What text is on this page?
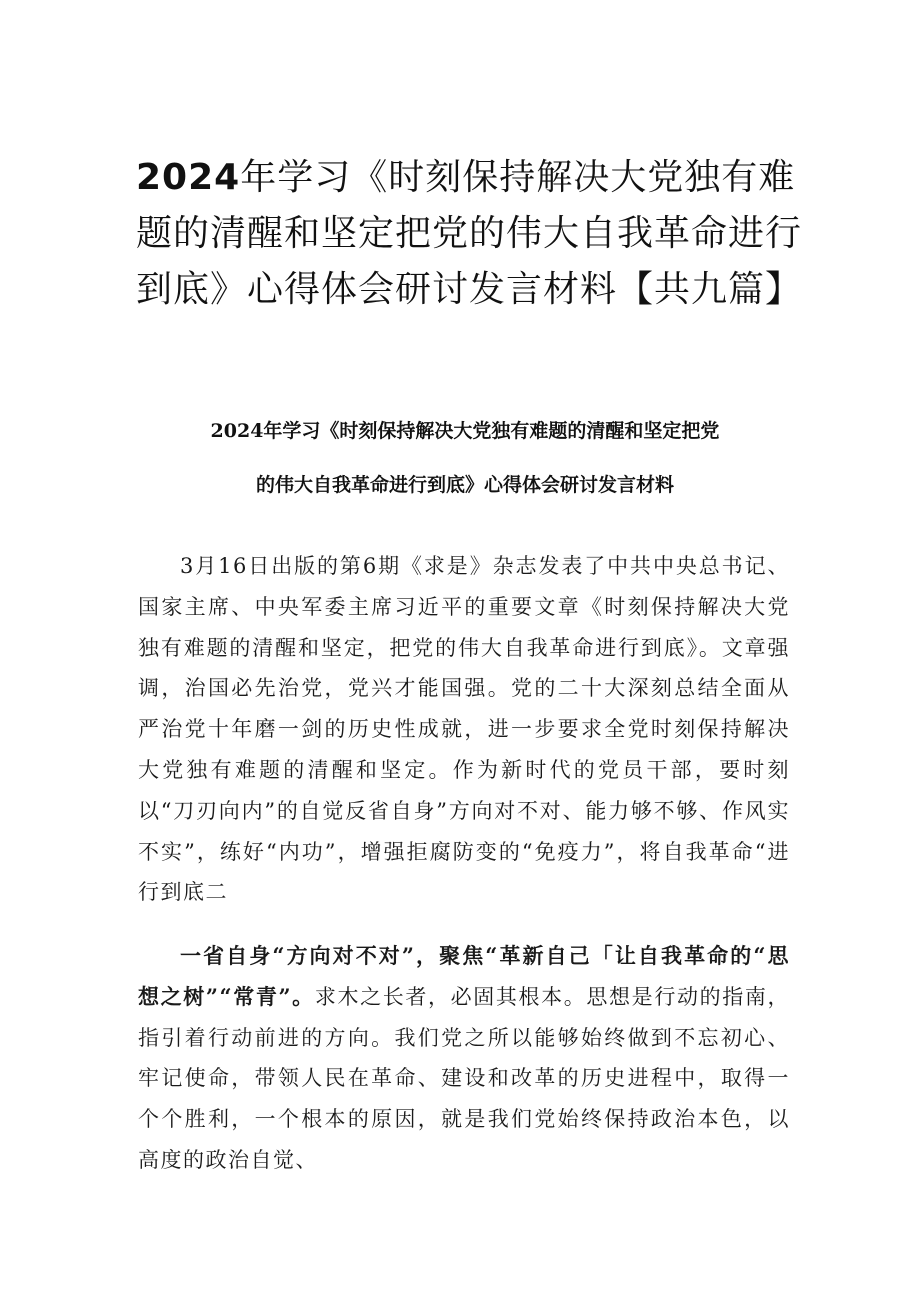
2024年学习《时刻保持解决大党独有难题的清醒和坚定把党的伟大自我革命进行到底》心得体会研讨发言材料【共九篇】
2024年学习《时刻保持解决大党独有难题的清醒和坚定把党
的伟大自我革命进行到底》心得体会研讨发言材料

3月16日出版的第6期《求是》杂志发表了中共中央总书记、国家主席、中央军委主席习近平的重要文章《时刻保持解决大党独有难题的清醒和坚定，把党的伟大自我革命进行到底》。文章强调，治国必先治党，党兴才能国强。党的二十大深刻总结全面从严治党十年磨一剑的历史性成就，进一步要求全党时刻保持解决大党独有难题的清醒和坚定。作为新时代的党员干部，要时刻以“刀刃向内”的自觉反省自身”方向对不对、能力够不够、作风实不实”，练好“内功”，增强拒腐防变的“免疫力”，将自我革命“进行到底二

一省自身“方向对不对”，聚焦“革新自己「让自我革命的“思想之树”“常青”。求木之长者，必固其根本。思想是行动的指南，指引着行动前进的方向。我们党之所以能够始终做到不忘初心、牢记使命，带领人民在革命、建设和改革的历史进程中，取得一个个胜利，一个根本的原因，就是我们党始终保持政治本色，以高度的政治自觉、
